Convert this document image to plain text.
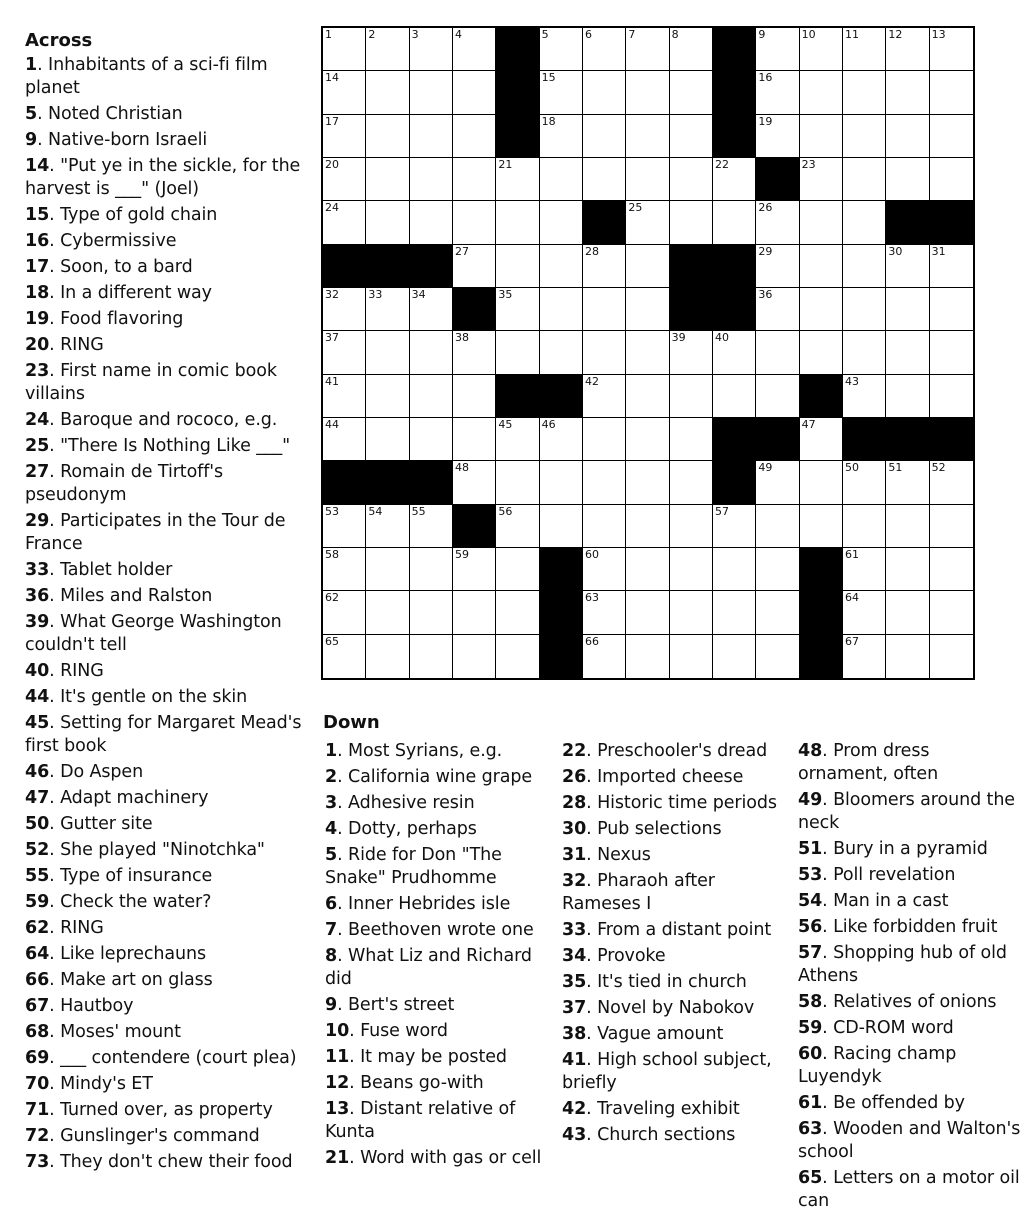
Across
1. Inhabitants of a sci-fi film planet
5. Noted Christian
9. Native-born Israeli
14. "Put ye in the sickle, for the harvest is ___" (Joel)
15. Type of gold chain
16. Cybermissive
17. Soon, to a bard
18. In a different way
19. Food flavoring
20. RING
23. First name in comic book villains
24. Baroque and rococo, e.g.
25. "There Is Nothing Like ___"
27. Romain de Tirtoff's pseudonym
29. Participates in the Tour de France
33. Tablet holder
36. Miles and Ralston
39. What George Washington couldn't tell
40. RING
44. It's gentle on the skin
45. Setting for Margaret Mead's first book
46. Do Aspen
47. Adapt machinery
50. Gutter site
52. She played "Ninotchka"
55. Type of insurance
59. Check the water?
62. RING
64. Like leprechauns
66. Make art on glass
67. Hautboy
68. Moses' mount
69. ___ contendere (court plea)
70. Mindy's ET
71. Turned over, as property
72. Gunslinger's command
73. They don't chew their food
1	2	3	4	5	6	7	8	9	10	11	12	13
14	15	16
17	18	19
20	21	22	23
24	25	26
27	28	29	30	31
32	33	34	35	36
37	38	39	40
41	42	43
44	45	46	47
48	49	50	51	52
53	54	55	56	57
58	59	60	61
62	63	64
65	66	67
Down
1. Most Syrians, e.g.
2. California wine grape
3. Adhesive resin
4. Dotty, perhaps
5. Ride for Don "The Snake" Prudhomme
6. Inner Hebrides isle
7. Beethoven wrote one
8. What Liz and Richard did
9. Bert's street
10. Fuse word
11. It may be posted
12. Beans go-with
13. Distant relative of Kunta
21. Word with gas or cell
22. Preschooler's dread
26. Imported cheese
28. Historic time periods
30. Pub selections
31. Nexus
32. Pharaoh after Rameses I
33. From a distant point
34. Provoke
35. It's tied in church
37. Novel by Nabokov
38. Vague amount
41. High school subject, briefly
42. Traveling exhibit
43. Church sections
48. Prom dress ornament, often
49. Bloomers around the neck
51. Bury in a pyramid
53. Poll revelation
54. Man in a cast
56. Like forbidden fruit
57. Shopping hub of old Athens
58. Relatives of onions
59. CD-ROM word
60. Racing champ Luyendyk
61. Be offended by
63. Wooden and Walton's school
65. Letters on a motor oil can
